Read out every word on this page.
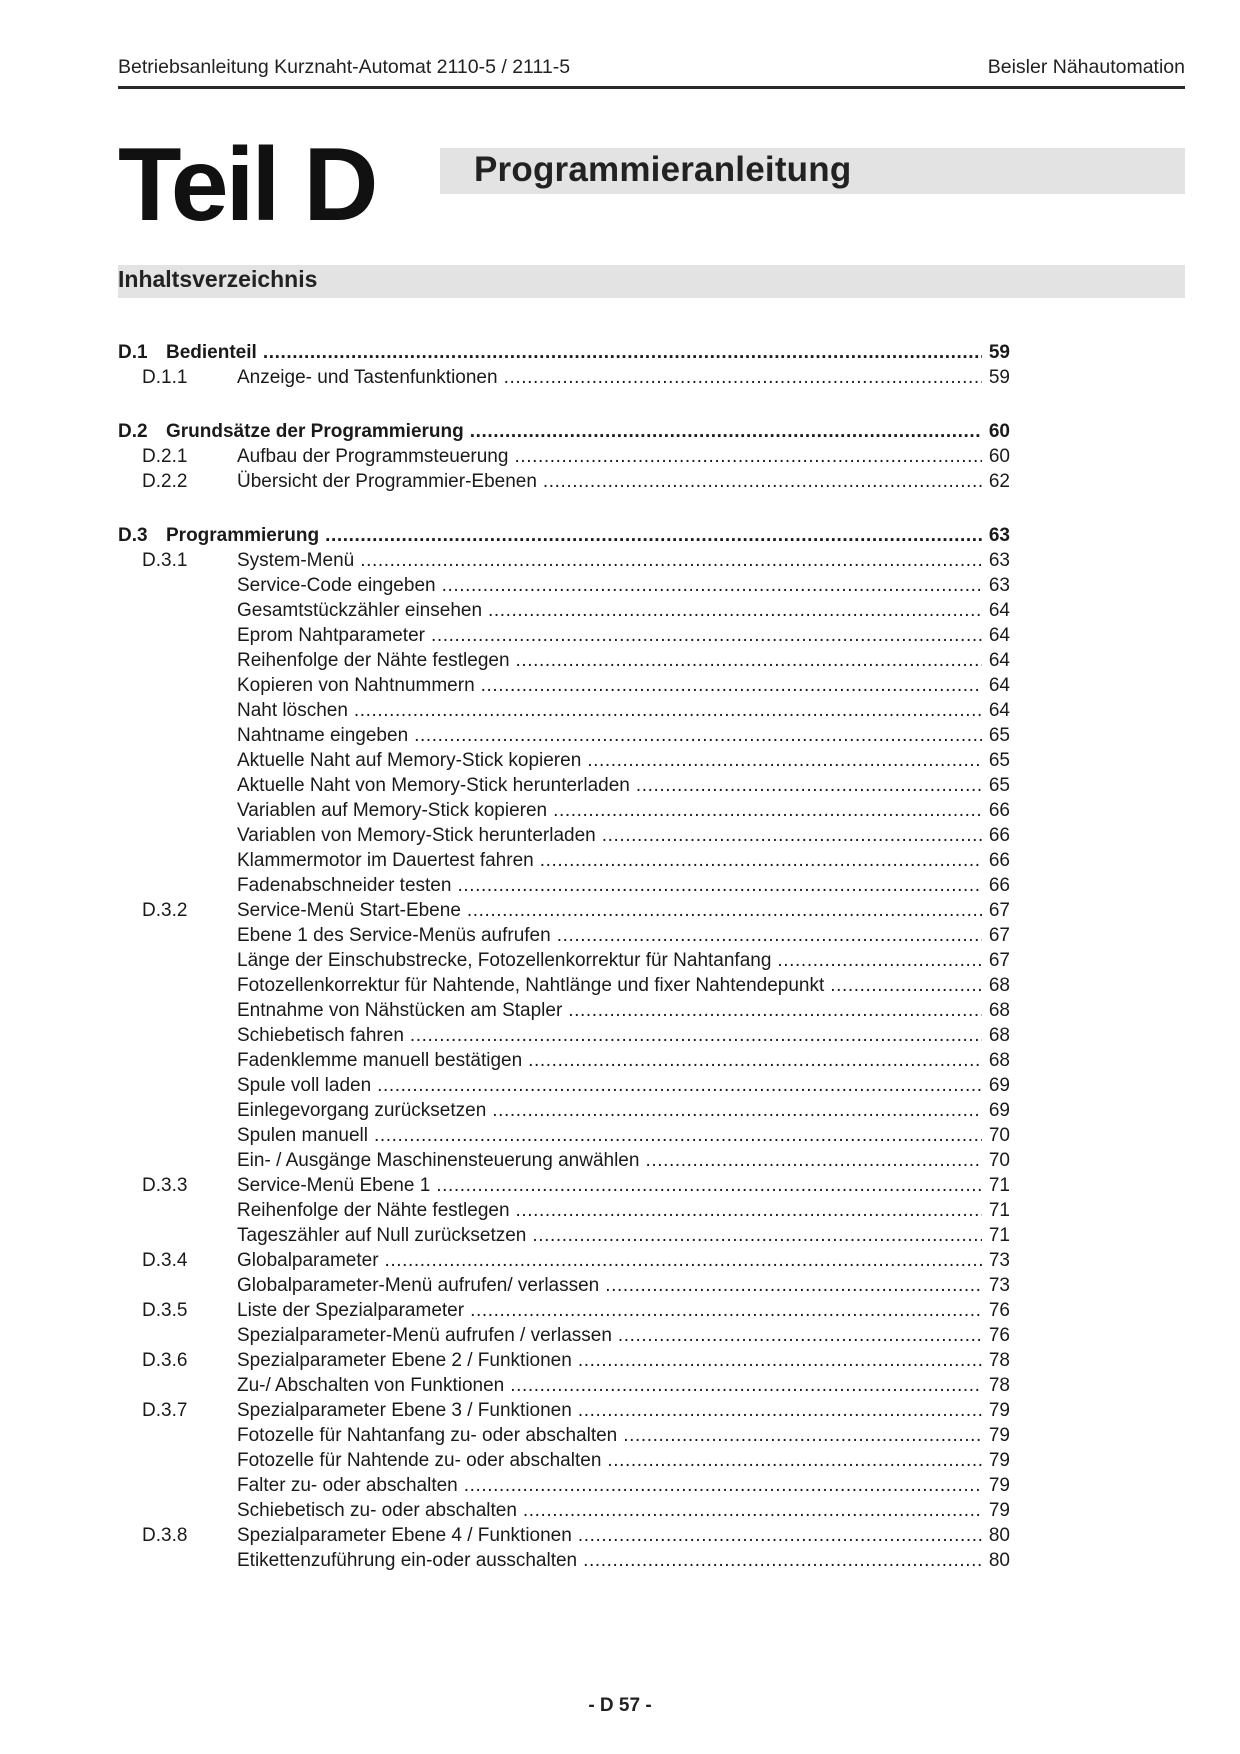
Betriebsanleitung Kurznaht-Automat 2110-5 / 2111-5	Beisler Nähautomation
Teil D	Programmieranleitung
Inhaltsverzeichnis
D.1 Bedienteil .....	59
D.1.1	Anzeige- und Tastenfunktionen .....	59
D.2 Grundsätze der Programmierung .....	60
D.2.1	Aufbau der Programmsteuerung .....	60
D.2.2	Übersicht der Programmier-Ebenen .....	62
D.3 Programmierung .....	63
D.3.1	System-Menü .....	63
Service-Code eingeben .....	63
Gesamtstückzähler einsehen .....	64
Eprom Nahtparameter .....	64
Reihenfolge der Nähte festlegen .....	64
Kopieren von Nahtnummern .....	64
Naht löschen .....	64
Nahtname eingeben .....	65
Aktuelle Naht auf Memory-Stick kopieren .....	65
Aktuelle Naht von Memory-Stick herunterladen .....	65
Variablen auf Memory-Stick kopieren .....	66
Variablen von Memory-Stick herunterladen .....	66
Klammermotor im Dauertest fahren .....	66
Fadenabschneider testen .....	66
D.3.2	Service-Menü Start-Ebene .....	67
Ebene 1 des Service-Menüs aufrufen .....	67
Länge der Einschubstrecke, Fotozellenkorrektur für Nahtanfang .....	67
Fotozellenkorrektur für Nahtende, Nahtlänge und fixer Nahtendepunkt .....	68
Entnahme von Nähstücken am Stapler .....	68
Schiebetisch fahren .....	68
Fadenklemme manuell bestätigen .....	68
Spule voll laden .....	69
Einlegevorgang zurücksetzen .....	69
Spulen manuell .....	70
Ein- / Ausgänge Maschinensteuerung anwählen .....	70
D.3.3	Service-Menü Ebene 1 .....	71
Reihenfolge der Nähte festlegen .....	71
Tageszähler auf Null zurücksetzen .....	71
D.3.4	Globalparameter .....	73
Globalparameter-Menü aufrufen/ verlassen .....	73
D.3.5	Liste der Spezialparameter .....	76
Spezialparameter-Menü aufrufen / verlassen .....	76
D.3.6	Spezialparameter Ebene 2 / Funktionen .....	78
Zu-/ Abschalten von Funktionen .....	78
D.3.7	Spezialparameter Ebene 3 / Funktionen .....	79
Fotozelle für Nahtanfang zu- oder abschalten .....	79
Fotozelle für Nahtende zu- oder abschalten .....	79
Falter zu- oder abschalten .....	79
Schiebetisch zu- oder abschalten .....	79
D.3.8	Spezialparameter Ebene 4 / Funktionen .....	80
Etikettenzuführung ein-oder ausschalten .....	80
- D 57 -
